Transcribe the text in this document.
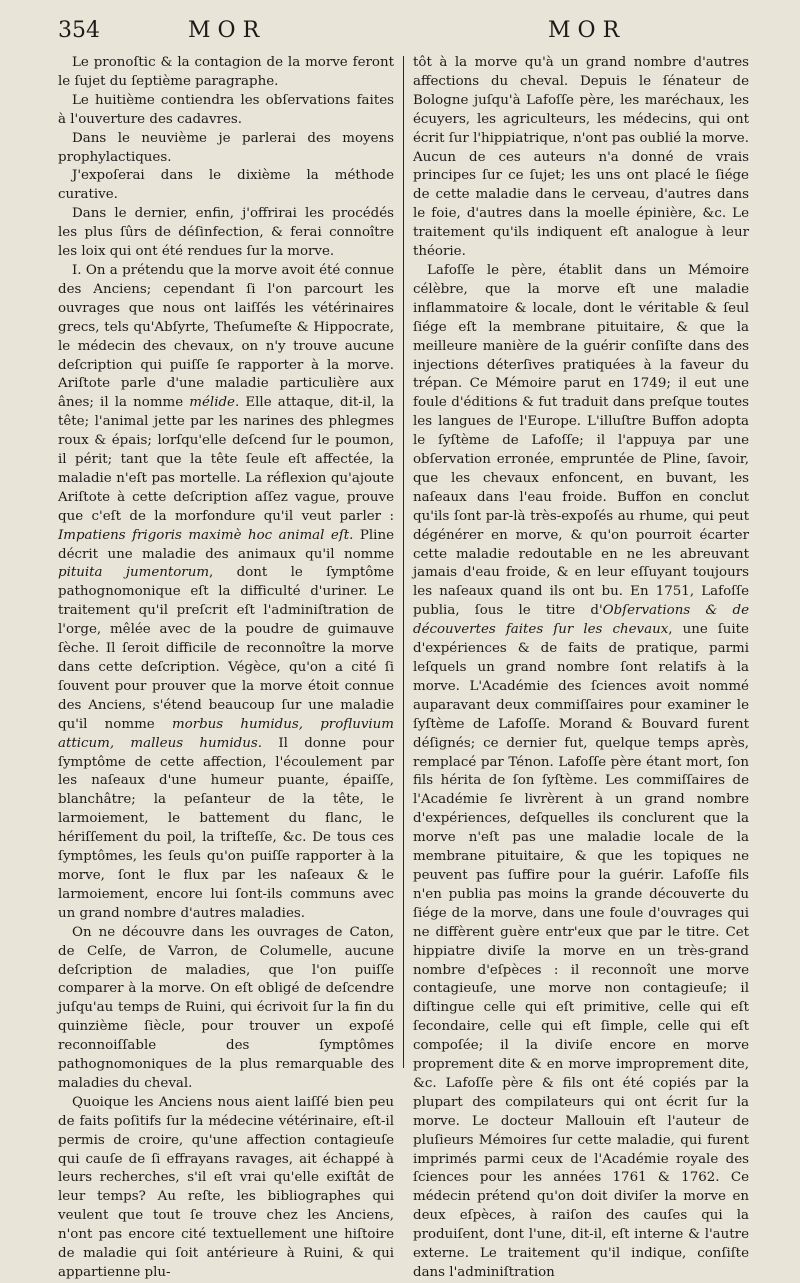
354	MOR	MOR

Le pronoſtic & la contagion de la morve feront le ſujet du ſeptième paragraphe.

Le huitième contiendra les obſervations faites à l'ouverture des cadavres.

Dans le neuvième je parlerai des moyens prophylactiques.

J'expoſerai dans le dixième la méthode curative.

Dans le dernier, enfin, j'offrirai les procédés les plus ſûrs de déſinfection, & ferai connoître les loix qui ont été rendues ſur la morve.

I. On a prétendu que la morve avoit été connue des Anciens; cependant ſi l'on parcourt les ouvrages que nous ont laiſſés les vétérinaires grecs, tels qu'Abſyrte, Theſumeſte & Hippocrate, le médecin des chevaux, on n'y trouve aucune deſcription qui puiſſe ſe rapporter à la morve. Ariſtote parle d'une maladie particulière aux ânes; il la nomme mélide. Elle attaque, dit-il, la tête; l'animal jette par les narines des phlegmes roux & épais; lorſqu'elle deſcend ſur le poumon, il périt; tant que la tête ſeule eſt affectée, la maladie n'eſt pas mortelle. La réflexion qu'ajoute Ariſtote à cette deſcription aſſez vague, prouve que c'eſt de la morfondure qu'il veut parler : Impatiens frigoris maximè hoc animal eſt. Pline décrit une maladie des animaux qu'il nomme pituita jumentorum, dont le ſymptôme pathognomonique eſt la difficulté d'uriner. Le traitement qu'il preſcrit eſt l'adminiſtration de l'orge, mêlée avec de la poudre de guimauve ſèche. Il ſeroit difficile de reconnoître la morve dans cette deſcription. Végèce, qu'on a cité ſi ſouvent pour prouver que la morve étoit connue des Anciens, s'étend beaucoup ſur une maladie qu'il nomme morbus humidus, profluvium atticum, malleus humidus. Il donne pour ſymptôme de cette affection, l'écoulement par les naſeaux d'une humeur puante, épaiſſe, blanchâtre; la peſanteur de la tête, le larmoiement, le battement du flanc, le hériſſement du poil, la triſteſſe, &c. De tous ces ſymptômes, les ſeuls qu'on puiſſe rapporter à la morve, ſont le flux par les naſeaux & le larmoiement, encore lui ſont-ils communs avec un grand nombre d'autres maladies.

On ne découvre dans les ouvrages de Caton, de Celſe, de Varron, de Columelle, aucune deſcription de maladies, que l'on puiſſe comparer à la morve. On eſt obligé de deſcendre juſqu'au temps de Ruini, qui écrivoit ſur la fin du quinzième ſiècle, pour trouver un expoſé reconnoiſſable des ſymptômes pathognomoniques de la plus remarquable des maladies du cheval.

Quoique les Anciens nous aient laiſſé bien peu de faits poſitifs ſur la médecine vétérinaire, eſt-il permis de croire, qu'une affection contagieuſe qui cauſe de ſi effrayans ravages, ait échappé à leurs recherches, s'il eſt vrai qu'elle exiſtât de leur temps? Au reſte, les bibliographes qui veulent que tout ſe trouve chez les Anciens, n'ont pas encore cité textuellement une hiſtoire de maladie qui ſoit antérieure à Ruini, & qui appartienne plu-

tôt à la morve qu'à un grand nombre d'autres affections du cheval. Depuis le ſénateur de Bologne juſqu'à Lafoſſe père, les maréchaux, les écuyers, les agriculteurs, les médecins, qui ont écrit ſur l'hippiatrique, n'ont pas oublié la morve. Aucun de ces auteurs n'a donné de vrais principes ſur ce ſujet; les uns ont placé le ſiége de cette maladie dans le cerveau, d'autres dans le foie, d'autres dans la moelle épinière, &c. Le traitement qu'ils indiquent eſt analogue à leur théorie.

Lafoſſe le père, établit dans un Mémoire célèbre, que la morve eſt une maladie inflammatoire & locale, dont le véritable & ſeul ſiége eſt la membrane pituitaire, & que la meilleure manière de la guérir conſiſte dans des injections déterſives pratiquées à la faveur du trépan. Ce Mémoire parut en 1749; il eut une foule d'éditions & fut traduit dans preſque toutes les langues de l'Europe. L'illuſtre Buffon adopta le ſyſtème de Lafoſſe; il l'appuya par une obſervation erronée, empruntée de Pline, ſavoir, que les chevaux enfoncent, en buvant, les naſeaux dans l'eau froide. Buffon en conclut qu'ils ſont par-là très-expoſés au rhume, qui peut dégénérer en morve, & qu'on pourroit écarter cette maladie redoutable en ne les abreuvant jamais d'eau froide, & en leur eſſuyant toujours les naſeaux quand ils ont bu. En 1751, Lafoſſe publia, ſous le titre d'Obſervations & de découvertes faites ſur les chevaux, une ſuite d'expériences & de faits de pratique, parmi leſquels un grand nombre ſont relatifs à la morve. L'Académie des ſciences avoit nommé auparavant deux commiſſaires pour examiner le ſyſtème de Lafoſſe. Morand & Bouvard furent déſignés; ce dernier fut, quelque temps après, remplacé par Ténon. Lafoſſe père étant mort, ſon fils hérita de ſon ſyſtème. Les commiſſaires de l'Académie ſe livrèrent à un grand nombre d'expériences, deſquelles ils conclurent que la morve n'eſt pas une maladie locale de la membrane pituitaire, & que les topiques ne peuvent pas ſuffire pour la guérir. Lafoſſe fils n'en publia pas moins la grande découverte du ſiége de la morve, dans une foule d'ouvrages qui ne diffèrent guère entr'eux que par le titre. Cet hippiatre diviſe la morve en un très-grand nombre d'eſpèces : il reconnoît une morve contagieuſe, une morve non contagieuſe; il diſtingue celle qui eſt primitive, celle qui eſt ſecondaire, celle qui eſt ſimple, celle qui eſt compoſée; il la diviſe encore en morve proprement dite & en morve improprement dite, &c. Lafoſſe père & fils ont été copiés par la plupart des compilateurs qui ont écrit ſur la morve. Le docteur Mallouin eſt l'auteur de pluſieurs Mémoires ſur cette maladie, qui furent imprimés parmi ceux de l'Académie royale des ſciences pour les années 1761 & 1762. Ce médecin prétend qu'on doit diviſer la morve en deux eſpèces, à raiſon des cauſes qui la produiſent, dont l'une, dit-il, eſt interne & l'autre externe. Le traitement qu'il indique, conſiſte dans l'adminiſtration
